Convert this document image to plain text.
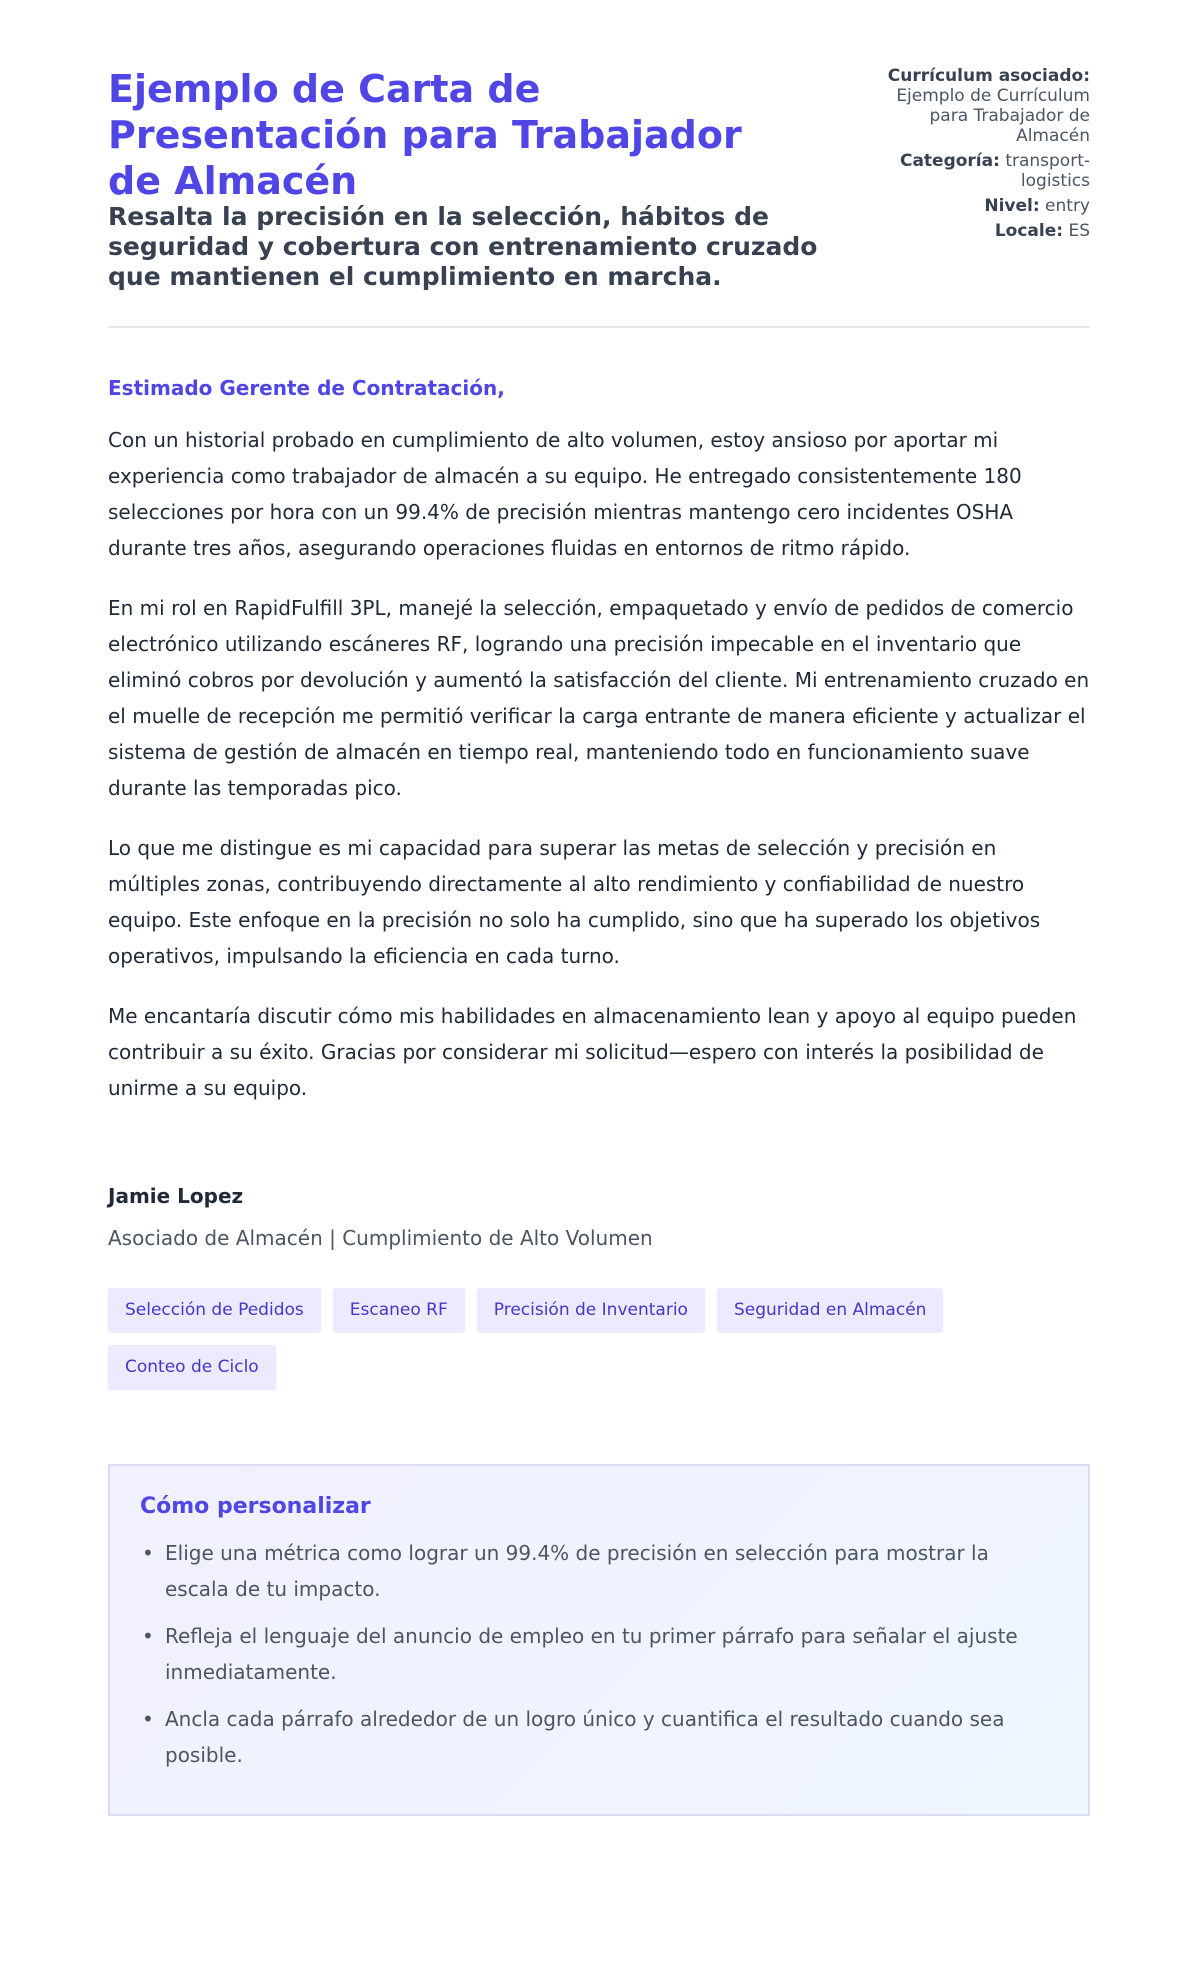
Ejemplo de Carta de Presentación para Trabajador de Almacén

Resalta la precisión en la selección, hábitos de seguridad y cobertura con entrenamiento cruzado que mantienen el cumplimiento en marcha.

Currículum asociado:
Ejemplo de Currículum para Trabajador de Almacén
Categoría: transport-logistics
Nivel: entry
Locale: ES

Estimado Gerente de Contratación,

Con un historial probado en cumplimiento de alto volumen, estoy ansioso por aportar mi experiencia como trabajador de almacén a su equipo. He entregado consistentemente 180 selecciones por hora con un 99.4% de precisión mientras mantengo cero incidentes OSHA durante tres años, asegurando operaciones fluidas en entornos de ritmo rápido.

En mi rol en RapidFulfill 3PL, manejé la selección, empaquetado y envío de pedidos de comercio electrónico utilizando escáneres RF, logrando una precisión impecable en el inventario que eliminó cobros por devolución y aumentó la satisfacción del cliente. Mi entrenamiento cruzado en el muelle de recepción me permitió verificar la carga entrante de manera eficiente y actualizar el sistema de gestión de almacén en tiempo real, manteniendo todo en funcionamiento suave durante las temporadas pico.

Lo que me distingue es mi capacidad para superar las metas de selección y precisión en múltiples zonas, contribuyendo directamente al alto rendimiento y confiabilidad de nuestro equipo. Este enfoque en la precisión no solo ha cumplido, sino que ha superado los objetivos operativos, impulsando la eficiencia en cada turno.

Me encantaría discutir cómo mis habilidades en almacenamiento lean y apoyo al equipo pueden contribuir a su éxito. Gracias por considerar mi solicitud—espero con interés la posibilidad de unirme a su equipo.

Jamie Lopez

Asociado de Almacén | Cumplimiento de Alto Volumen

Selección de Pedidos	Escaneo RF	Precisión de Inventario	Seguridad en Almacén
Conteo de Ciclo
Cómo personalizar
• Elige una métrica como lograr un 99.4% de precisión en selección para mostrar la escala de tu impacto.
• Refleja el lenguaje del anuncio de empleo en tu primer párrafo para señalar el ajuste inmediatamente.
• Ancla cada párrafo alrededor de un logro único y cuantifica el resultado cuando sea posible.
